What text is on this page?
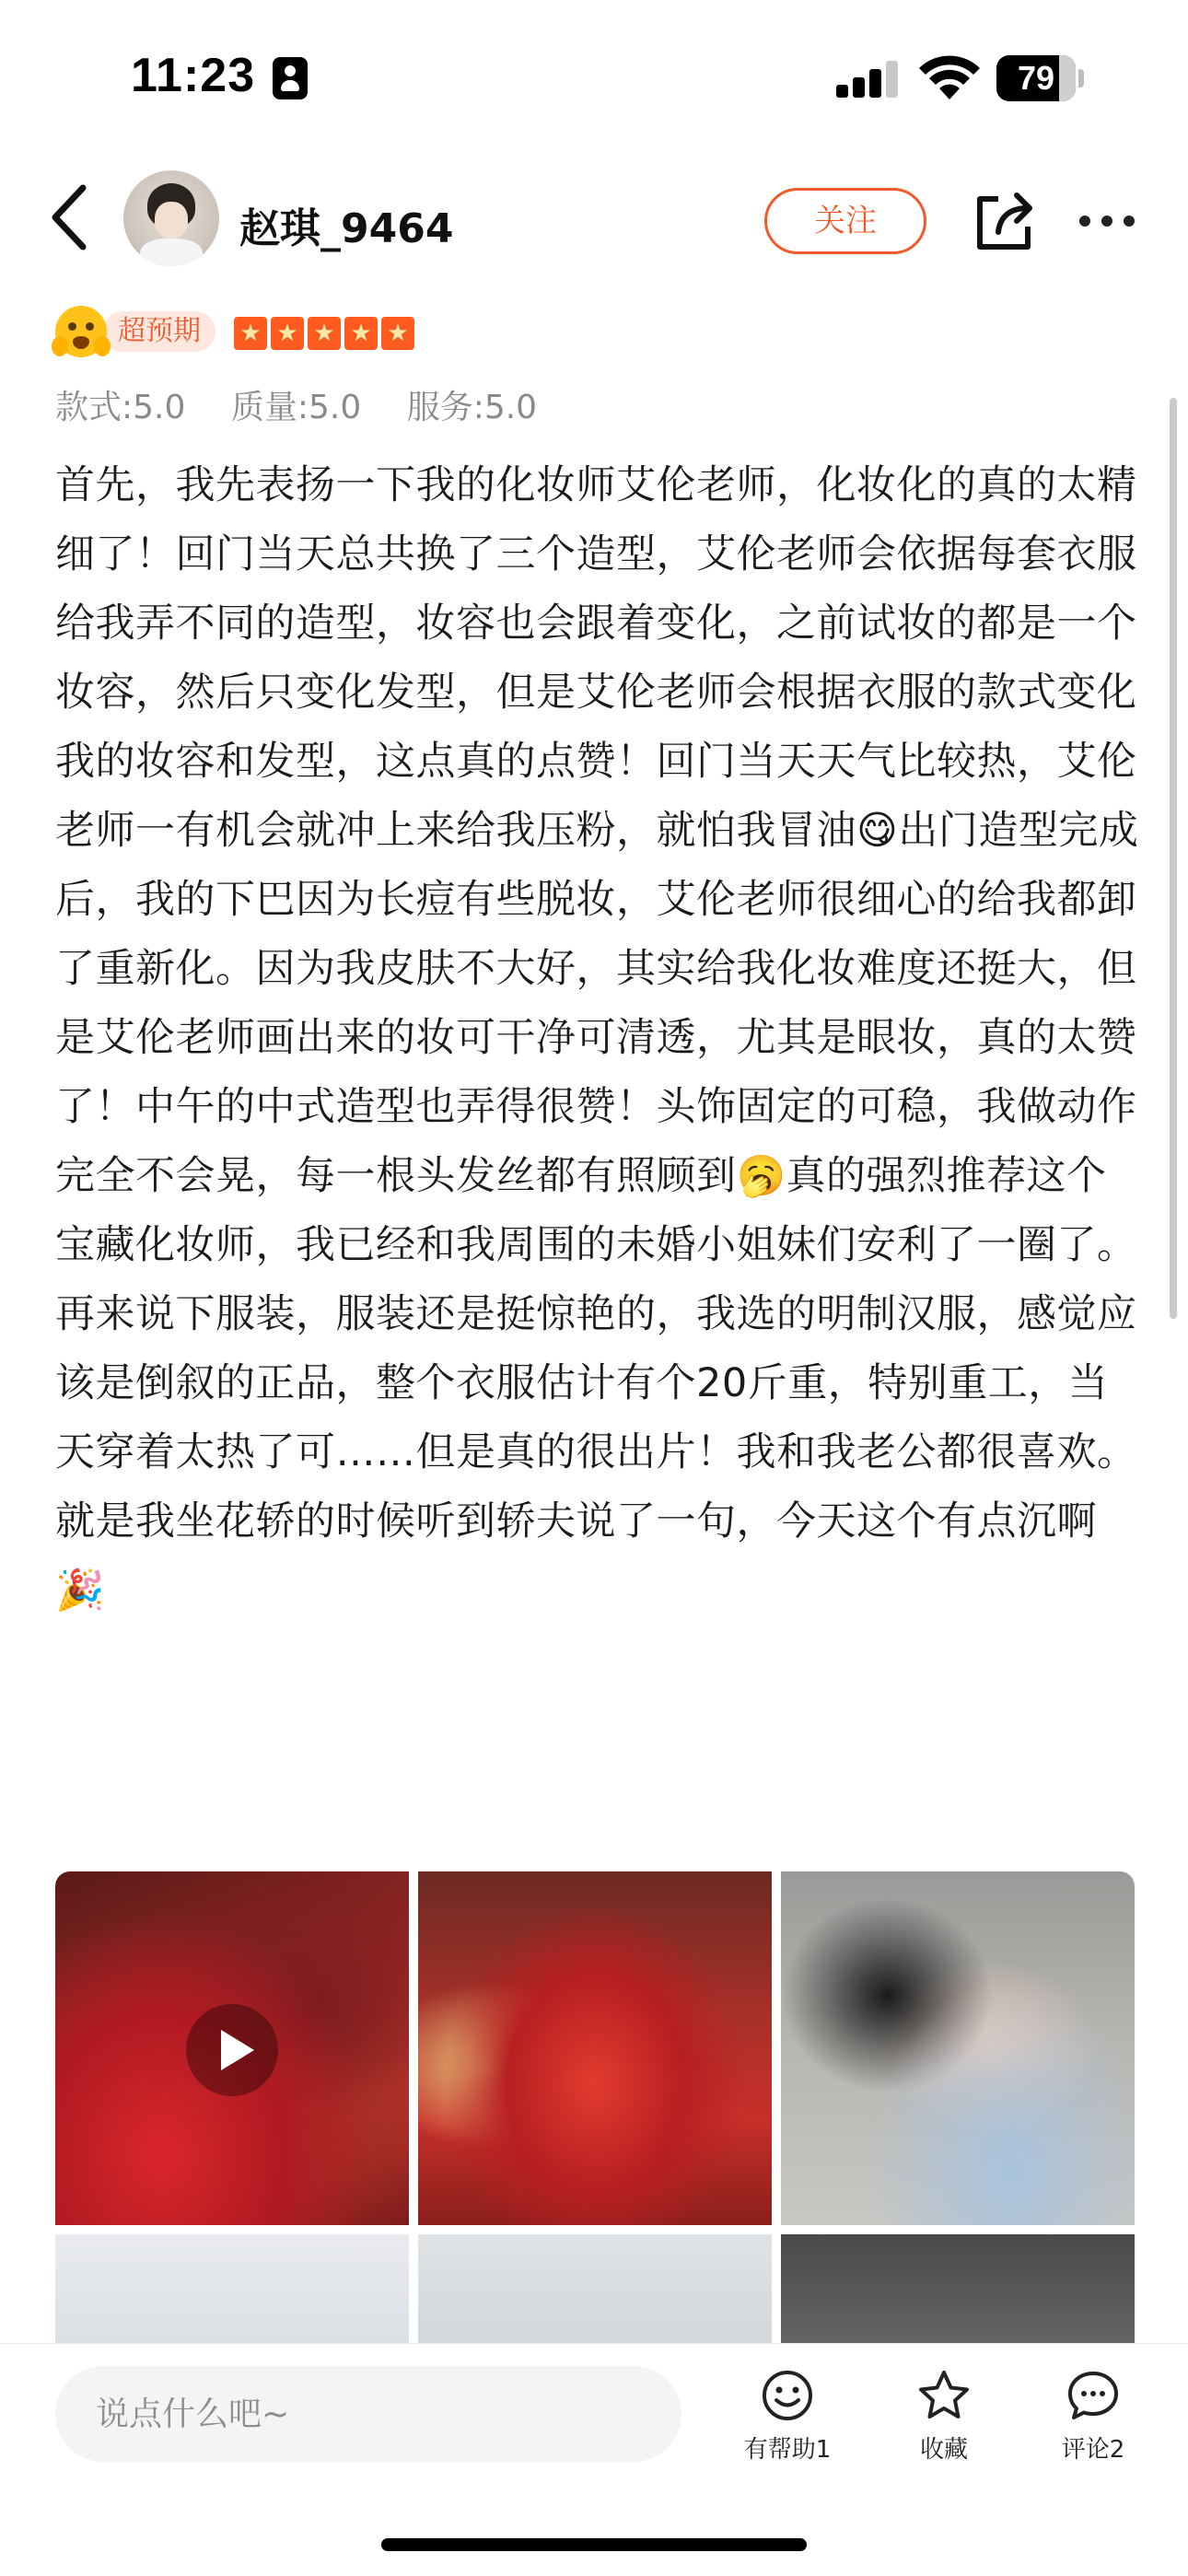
11:23	79
赵琪_9464	关注
超预期	★ ★ ★ ★ ★
款式:5.0 质量:5.0 服务:5.0
首先，我先表扬一下我的化妆师艾伦老师，化妆化的真的太精细了！回门当天总共换了三个造型，艾伦老师会依据每套衣服给我弄不同的造型，妆容也会跟着变化，之前试妆的都是一个妆容，然后只变化发型，但是艾伦老师会根据衣服的款式变化我的妆容和发型，这点真的点赞！回门当天天气比较热，艾伦老师一有机会就冲上来给我压粉，就怕我冒油😋出门造型完成后，我的下巴因为长痘有些脱妆，艾伦老师很细心的给我都卸了重新化。因为我皮肤不大好，其实给我化妆难度还挺大，但是艾伦老师画出来的妆可干净可清透，尤其是眼妆，真的太赞了！中午的中式造型也弄得很赞！头饰固定的可稳，我做动作完全不会晃，每一根头发丝都有照顾到🥱真的强烈推荐这个宝藏化妆师，我已经和我周围的未婚小姐妹们安利了一圈了。
再来说下服装，服装还是挺惊艳的，我选的明制汉服，感觉应该是倒叙的正品，整个衣服估计有个20斤重，特别重工，当天穿着太热了可……但是真的很出片！我和我老公都很喜欢。就是我坐花轿的时候听到轿夫说了一句，今天这个有点沉啊🎉
说点什么吧~
有帮助1	收藏	评论2
